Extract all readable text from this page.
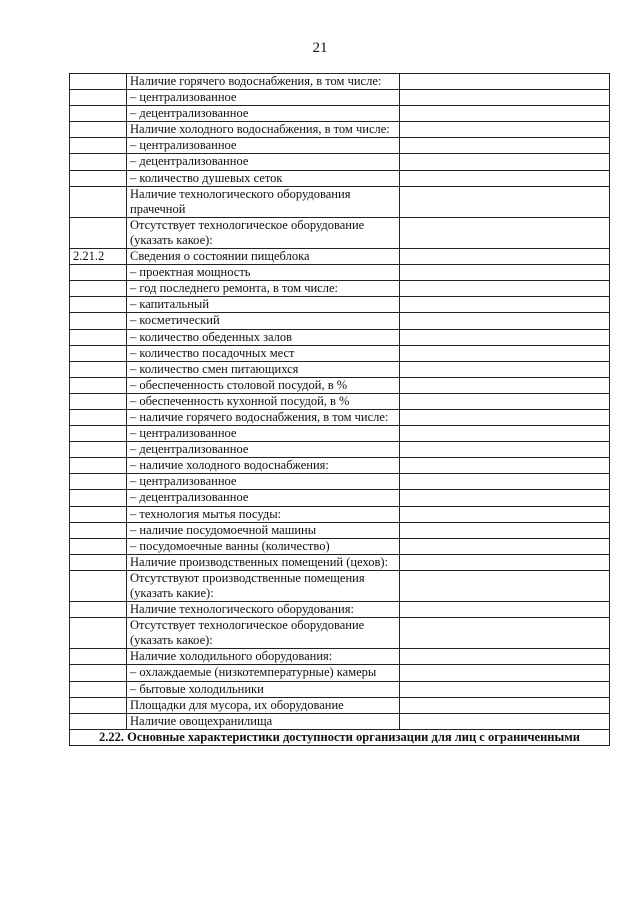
21
	Наличие горячего водоснабжения, в том числе:	
	– централизованное	
	– децентрализованное	
	Наличие холодного водоснабжения, в том числе:	
	– централизованное	
	– децентрализованное	
	– количество душевых сеток	
	Наличие технологического оборудования прачечной	
	Отсутствует технологическое оборудование (указать какое):	
2.21.2	Сведения о состоянии пищеблока	
	– проектная мощность	
	– год последнего ремонта, в том числе:	
	– капитальный	
	– косметический	
	– количество обеденных залов	
	– количество посадочных мест	
	– количество смен питающихся	
	– обеспеченность столовой посудой, в %	
	– обеспеченность кухонной посудой, в %	
	– наличие горячего водоснабжения, в том числе:	
	– централизованное	
	– децентрализованное	
	– наличие холодного водоснабжения:	
	– централизованное	
	– децентрализованное	
	– технология мытья посуды:	
	– наличие посудомоечной машины	
	– посудомоечные ванны (количество)	
	Наличие производственных помещений (цехов):	
	Отсутствуют производственные помещения (указать какие):	
	Наличие технологического оборудования:	
	Отсутствует технологическое оборудование (указать какое):	
	Наличие холодильного оборудования:	
	– охлаждаемые (низкотемпературные) камеры	
	– бытовые холодильники	
	Площадки для мусора, их оборудование	
	Наличие овощехранилища	
2.22. Основные характеристики доступности организации для лиц с ограниченными		
